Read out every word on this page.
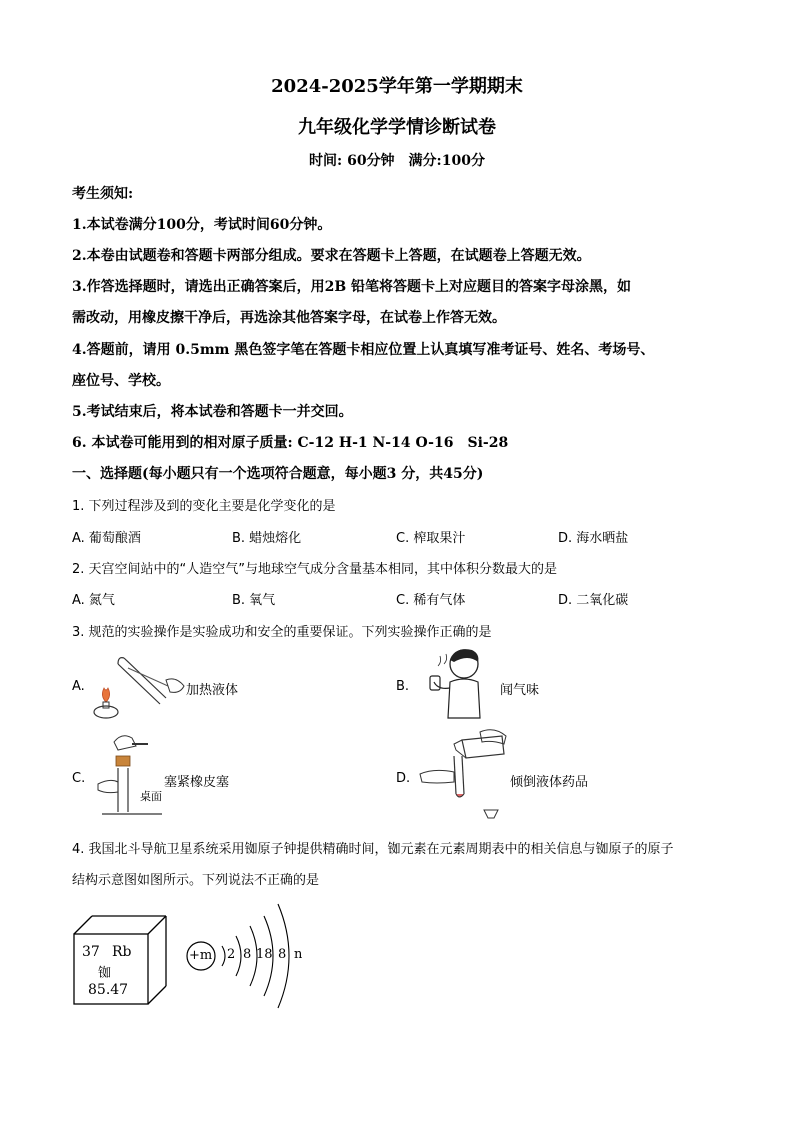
2024-2025学年第一学期期末
九年级化学学情诊断试卷
时间: 60分钟　满分:100分
考生须知:
1.本试卷满分100分，考试时间60分钟。
2.本卷由试题卷和答题卡两部分组成。要求在答题卡上答题，在试题卷上答题无效。
3.作答选择题时，请选出正确答案后，用2B 铅笔将答题卡上对应题目的答案字母涂黑，如
需改动，用橡皮擦干净后，再选涂其他答案字母，在试卷上作答无效。
4.答题前，请用 0.5mm 黑色签字笔在答题卡相应位置上认真填写准考证号、姓名、考场号、
座位号、学校。
5.考试结束后，将本试卷和答题卡一并交回。
6. 本试卷可能用到的相对原子质量: C-12 H-1 N-14 O-16　Si-28
一、选择题(每小题只有一个选项符合题意，每小题3 分，共45分)
1. 下列过程涉及到的变化主要是化学变化的是
A. 葡萄酿酒	B. 蜡烛熔化	C. 榨取果汁	D. 海水晒盐
2. 天宫空间站中的“人造空气”与地球空气成分含量基本相同，其中体积分数最大的是
A. 氮气	B. 氧气	C. 稀有气体	D. 二氧化碳
3. 规范的实验操作是实验成功和安全的重要保证。下列实验操作正确的是
A.	加热液体	B.	闻气味
C.	塞紧橡皮塞
桌面
D.	倾倒液体药品
4. 我国北斗导航卫星系统采用铷原子钟提供精确时间，铷元素在元素周期表中的相关信息与铷原子的原子
结构示意图如图所示。下列说法不正确的是
37 Rb
铷
85.47
+m 2 8 18 8 n
